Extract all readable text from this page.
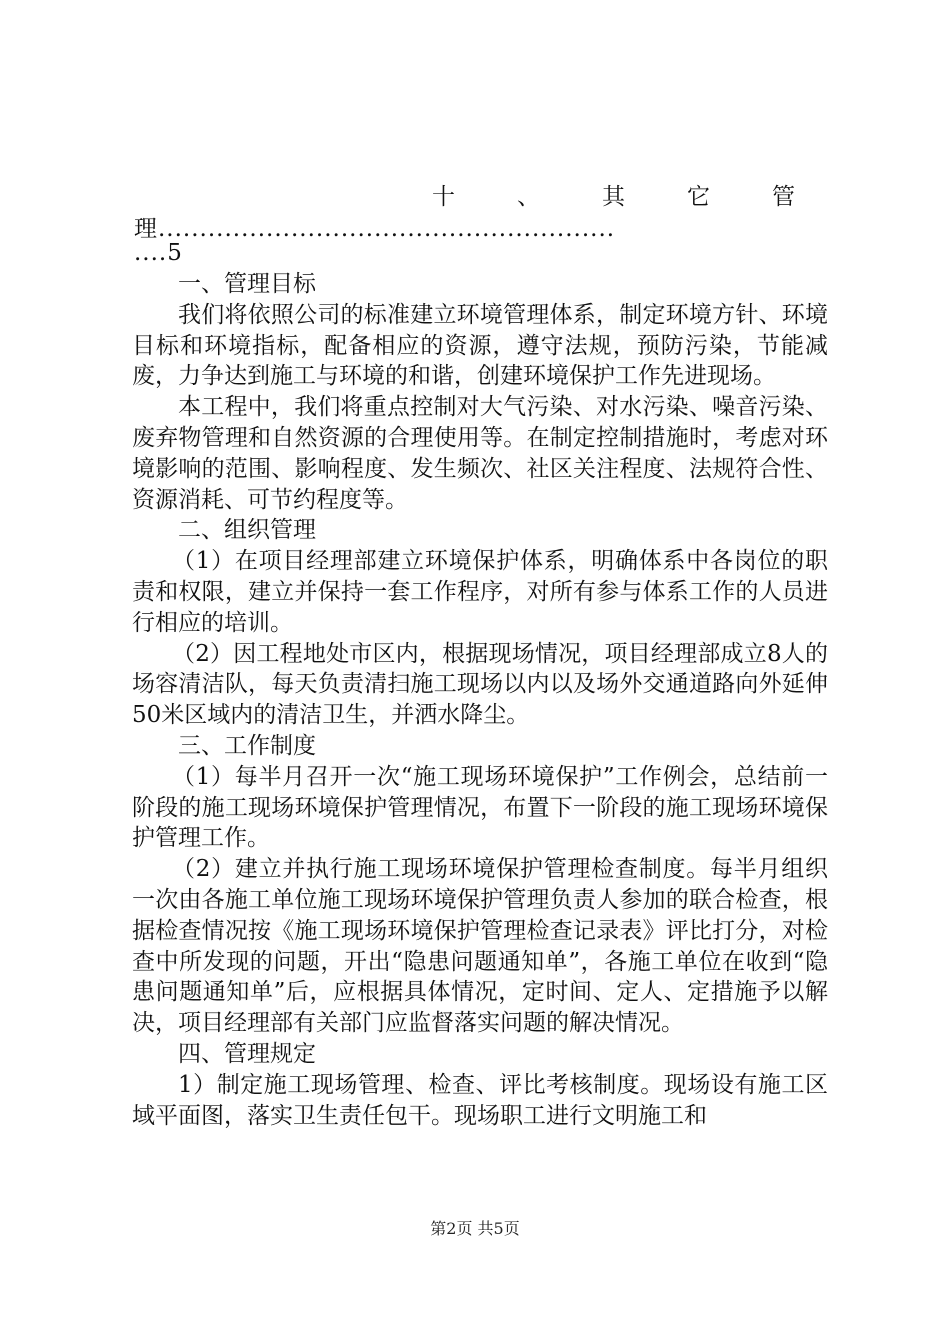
十	、	其	它	管
理.......................................................
....5

一、管理目标

我们将依照公司的标准建立环境管理体系，制定环境方针、环境目标和环境指标，配备相应的资源，遵守法规，预防污染，节能减废，力争达到施工与环境的和谐，创建环境保护工作先进现场。

本工程中，我们将重点控制对大气污染、对水污染、噪音污染、废弃物管理和自然资源的合理使用等。在制定控制措施时，考虑对环境影响的范围、影响程度、发生频次、社区关注程度、法规符合性、资源消耗、可节约程度等。

二、组织管理

（1）在项目经理部建立环境保护体系，明确体系中各岗位的职责和权限，建立并保持一套工作程序，对所有参与体系工作的人员进行相应的培训。

（2）因工程地处市区内，根据现场情况，项目经理部成立8人的场容清洁队，每天负责清扫施工现场以内以及场外交通道路向外延伸50米区域内的清洁卫生，并洒水降尘。

三、工作制度

（1）每半月召开一次“施工现场环境保护”工作例会，总结前一阶段的施工现场环境保护管理情况，布置下一阶段的施工现场环境保护管理工作。

（2）建立并执行施工现场环境保护管理检查制度。每半月组织一次由各施工单位施工现场环境保护管理负责人参加的联合检查，根据检查情况按《施工现场环境保护管理检查记录表》评比打分，对检查中所发现的问题，开出“隐患问题通知单”，各施工单位在收到“隐患问题通知单”后，应根据具体情况，定时间、定人、定措施予以解决，项目经理部有关部门应监督落实问题的解决情况。

四、管理规定

1）制定施工现场管理、检查、评比考核制度。现场设有施工区域平面图，落实卫生责任包干。现场职工进行文明施工和

第2页 共5页
